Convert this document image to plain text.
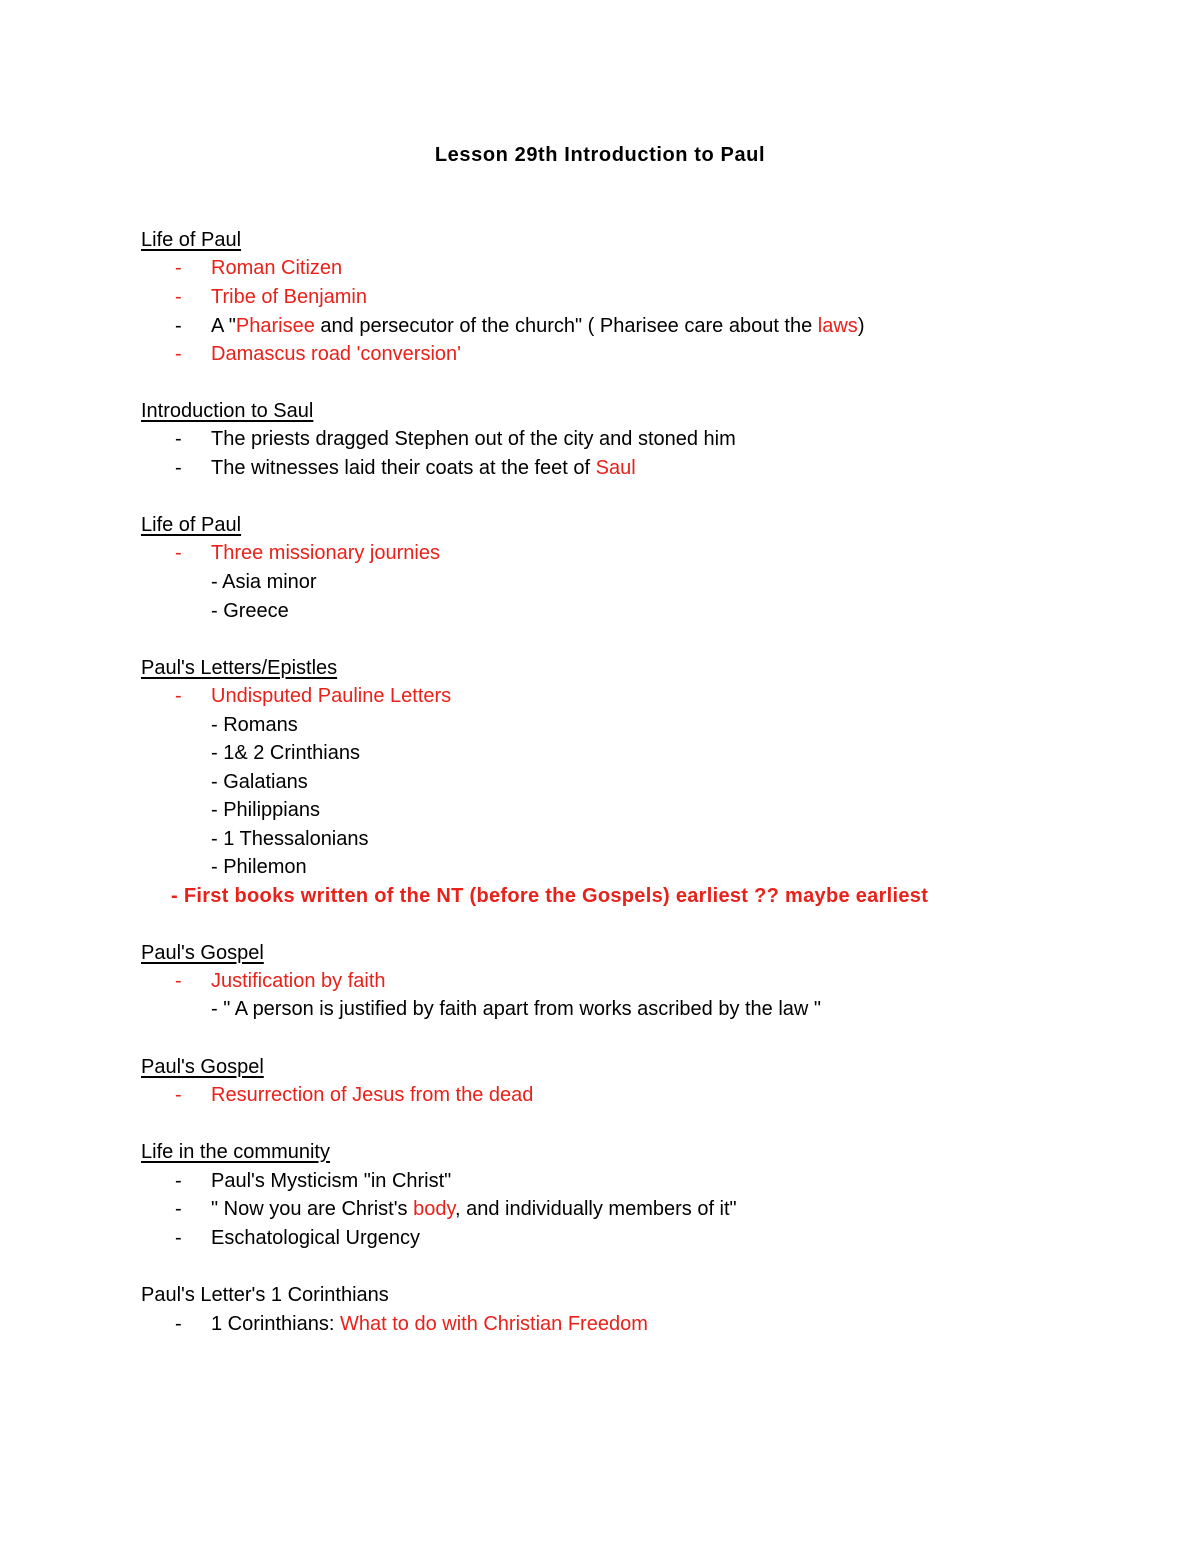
Lesson 29th Introduction to Paul
Life of Paul
- Roman Citizen
- Tribe of Benjamin
- A "Pharisee and persecutor of the church" ( Pharisee care about the laws)
- Damascus road 'conversion'
Introduction to Saul
- The priests dragged Stephen out of the city and stoned him
- The witnesses laid their coats at the feet of Saul
Life of Paul
- Three missionary journies
- Asia minor
- Greece
Paul's Letters/Epistles
- Undisputed Pauline Letters
- Romans
- 1& 2 Crinthians
- Galatians
- Philippians
- 1 Thessalonians
- Philemon
- First books written of the NT (before the Gospels) earliest ?? maybe earliest
Paul's Gospel
- Justification by faith
- " A person is justified by faith apart from works ascribed by the law "
Paul's Gospel
- Resurrection of Jesus from the dead
Life in the community
- Paul's Mysticism "in Christ"
- " Now you are Christ's body, and individually members of it"
- Eschatological Urgency
Paul's Letter's 1 Corinthians
- 1 Corinthians: What to do with Christian Freedom
